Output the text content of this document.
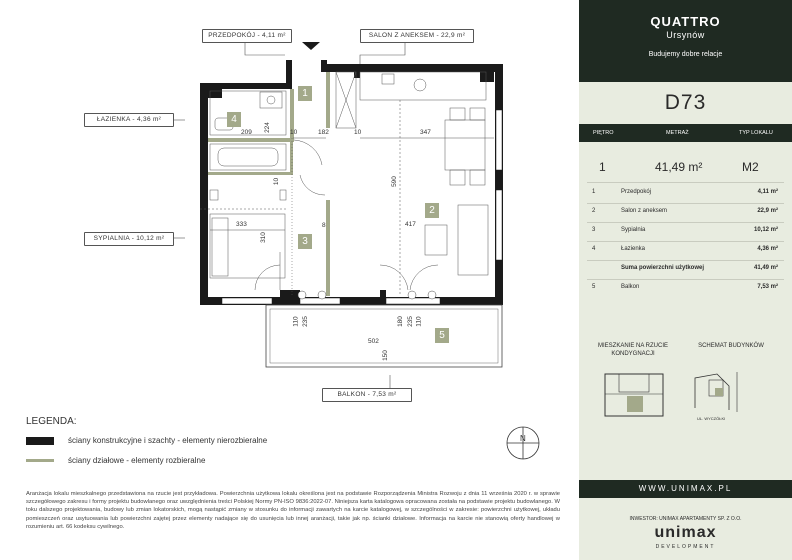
PRZEDPOKÓJ - 4,11 m²	SALON Z ANEKSEM - 22,9 m²
ŁAZIENKA - 4,36 m²
SYPIALNIA - 10,12 m²
BALKON - 7,53 m²
1
2
3
4
5
209 224	10	182	10	347
10	590
333
310
8	417
110 235	180 235
502
150
110
LEGENDA:
ściany konstrukcyjne i szachty - elementy nierozbieralne
ściany działowe - elementy rozbieralne
N
Aranżacja lokalu mieszkalnego przedstawiona na rzucie jest przykładowa. Powierzchnia użytkowa lokalu określona jest na podstawie Rozporządzenia Ministra Rozwoju z dnia 11 września 2020 r. w sprawie szczegółowego zakresu i formy projektu budowlanego oraz uwzględnienia treści Polskiej Normy PN-ISO 9836:2022-07. Niniejsza karta katalogowa opracowana została na podstawie projektu budowlanego. W toku dalszego projektowania, budowy lub zmian lokatorskich, mogą nastąpić zmiany w stosunku do informacji zawartych na karcie katalogowej, w szczególności w zakresie: powierzchni użytkowej, układu pomieszczeń oraz usytuowania lub powierzchni zajętej przez elementy nadające się do usunięcia lub innej aranżacji, takie jak np. ścianki działowe. Informacja na karcie nie stanowią oferty handlowej w rozumieniu art. 66 kodeksu cywilnego.
QUATTRO
Ursynów
Budujemy dobre relacje
D73
PIĘTRO	METRAŻ	TYP LOKALU
1	41,49 m²	M2
1	Przedpokój	4,11 m²
2	Salon z aneksem	22,9 m²
3	Sypialnia	10,12 m²
4	Łazienka	4,36 m²
Suma powierzchni użytkowej	41,49 m²
5	Balkon	7,53 m²
MIESZKANIE NA RZUCIE KONDYGNACJI
SCHEMAT BUDYNKÓW
UL. WYCZÓŁKI
WWW.UNIMAX.PL
INWESTOR: UNIMAX APARTAMENTY SP. Z O.O.
unimax
DEVELOPMENT
